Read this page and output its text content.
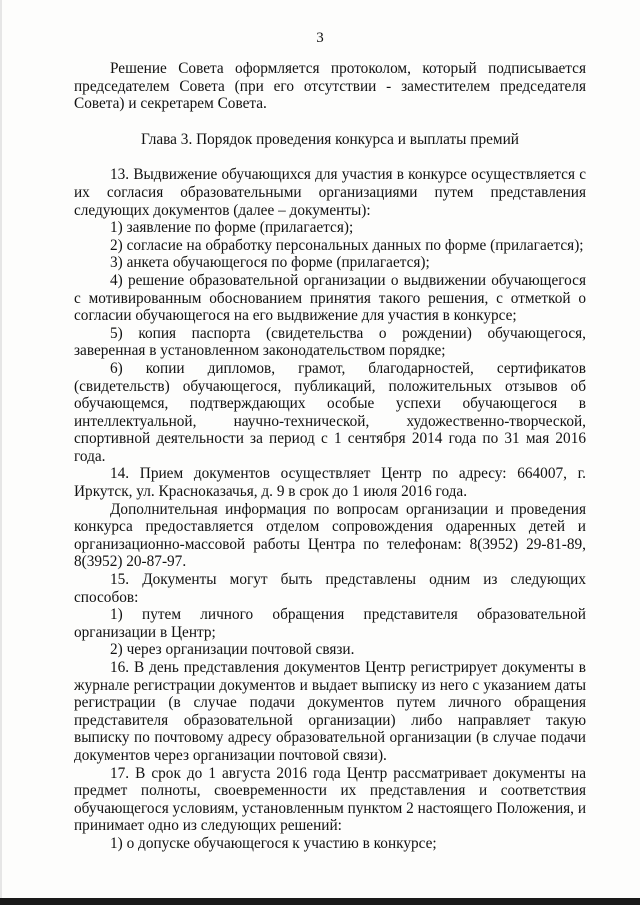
3

Решение Совета оформляется протоколом, который подписывается председателем Совета (при его отсутствии - заместителем председателя Совета) и секретарем Совета.

Глава 3. Порядок проведения конкурса и выплаты премий

13. Выдвижение обучающихся для участия в конкурсе осуществляется с их согласия образовательными организациями путем представления следующих документов (далее – документы):

1) заявление по форме (прилагается);

2) согласие на обработку персональных данных по форме (прилагается);

3) анкета обучающегося по форме (прилагается);

4) решение образовательной организации о выдвижении обучающегося с мотивированным обоснованием принятия такого решения, с отметкой о согласии обучающегося на его выдвижение для участия в конкурсе;

5) копия паспорта (свидетельства о рождении) обучающегося, заверенная в установленном законодательством порядке;

6) копии дипломов, грамот, благодарностей, сертификатов (свидетельств) обучающегося, публикаций, положительных отзывов об обучающемся, подтверждающих особые успехи обучающегося в интеллектуальной, научно-технической, художественно-творческой, спортивной деятельности за период с 1 сентября 2014 года по 31 мая 2016 года.

14. Прием документов осуществляет Центр по адресу: 664007, г. Иркутск, ул. Красноказачья, д. 9 в срок до 1 июля 2016 года.

Дополнительная информация по вопросам организации и проведения конкурса предоставляется отделом сопровождения одаренных детей и организационно-массовой работы Центра по телефонам: 8(3952) 29-81-89, 8(3952) 20-87-97.

15. Документы могут быть представлены одним из следующих способов:

1) путем личного обращения представителя образовательной организации в Центр;

2) через организации почтовой связи.

16. В день представления документов Центр регистрирует документы в журнале регистрации документов и выдает выписку из него с указанием даты регистрации (в случае подачи документов путем личного обращения представителя образовательной организации) либо направляет такую выписку по почтовому адресу образовательной организации (в случае подачи документов через организации почтовой связи).

17. В срок до 1 августа 2016 года Центр рассматривает документы на предмет полноты, своевременности их представления и соответствия обучающегося условиям, установленным пунктом 2 настоящего Положения, и принимает одно из следующих решений:

1) о допуске обучающегося к участию в конкурсе;
